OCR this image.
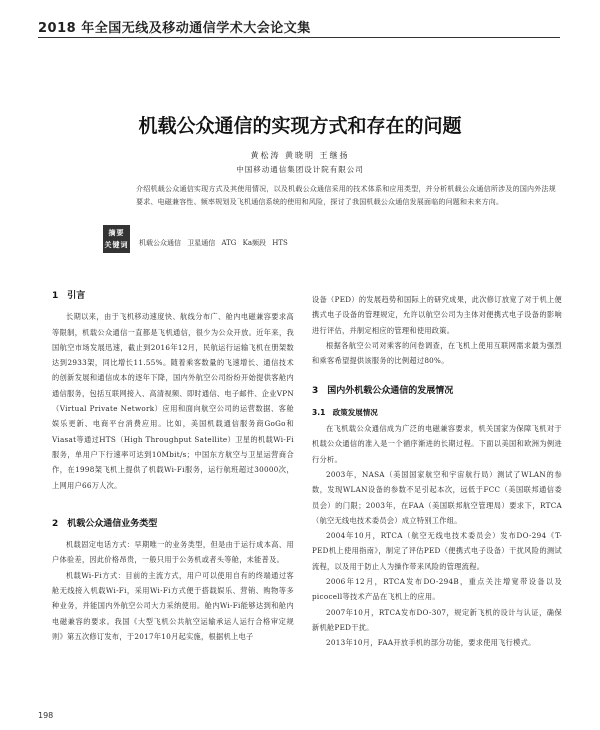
2018 年全国无线及移动通信学术大会论文集
机载公众通信的实现方式和存在的问题
黄松涛 黄晓明 王继扬
中国移动通信集团设计院有限公司
摘要
介绍机载公众通信实现方式及其使用情况，以及机载公众通信采用的技术体系和应用类型，并分析机载公众通信所涉及的国内外法规要求、电磁兼容性、频率规划及飞机通信系统的使用和风险，探讨了我国机载公众通信发展面临的问题和未来方向。
关键词 机载公众通信 卫星通信 ATG Ka频段 HTS
1　引言

长期以来，由于飞机移动速度快、航线分布广、舱内电磁兼容要求高等限制，机载公众通信一直都是飞机通信，很少为公众开放。近年来，我国航空市场发展迅速，截止到2016年12月，民航运行运输飞机在册架数达到2933架，同比增长11.55%。随着乘客数量的飞速增长、通信技术的创新发展和通信成本的逐年下降，国内外航空公司纷纷开始提供客舱内通信服务，包括互联网接入、高清视频、即时通信、电子邮件、企业VPN（Virtual Private Network）应用和面向航空公司的运营数据、客舱娱乐更新、电商平台消费应用。比如，美国机载通信服务商GoGo和Viasat等通过HTS（High Throughput Satellite）卫星的机载Wi-Fi服务，单用户下行速率可达到10Mbit/s；中国东方航空与卫星运营商合作，在1998架飞机上提供了机载Wi-Fi服务，运行航班超过30000次，上网用户66万人次。

2　机载公众通信业务类型

机载固定电话方式：早期唯一的业务类型，但是由于运行成本高、用户体验差，因此价格昂贵，一般只用于公务机或者头等舱，未能普及。

机载Wi-Fi方式：目前的主流方式，用户可以使用自有的终端通过客舱无线接入机载Wi-Fi，采用Wi-Fi方式便于搭载娱乐、营销、购物等多种业务，并能国内外航空公司大力采纳使用。舱内Wi-Fi能够达到和舱内电磁兼容的要求。我国《大型飞机公共航空运输承运人运行合格审定规则》第五次修订发布，于2017年10月起实施，根据机上电子

设备（PED）的发展趋势和国际上的研究成果，此次修订放宽了对于机上便携式电子设备的管理规定，允许以航空公司为主体对便携式电子设备的影响进行评估，并制定相应的管理和使用政策。

根据各航空公司对乘客的问卷调查，在飞机上使用互联网需求最为强烈和乘客希望提供该服务的比例超过80%。

3　国内外机载公众通信的发展情况
3.1　政策发展情况

在飞机载公众通信成为广泛的电磁兼容要求，机关国家为保障飞机对于机载公众通信的准入是一个循序渐进的长期过程。下面以美国和欧洲为例进行分析。

2003年，NASA（美国国家航空和宇宙航行局）测试了WLAN的参数，发现WLAN设备的参数不足引起本次，远低于FCC（美国联邦通信委员会）的门限；2003年，在FAA（美国联邦航空管理局）要求下，RTCA（航空无线电技术委员会）成立特别工作组。

2004年10月，RTCA（航空无线电技术委员会）发布DO-294《T-PED机上使用指南》，制定了评估PED（便携式电子设备）干扰风险的测试流程，以及用于防止人为操作带来风险的管理流程。

2006年12月，RTCA发布DO-294B，重点关注增宽带设备以及picocell等技术产品在飞机上的应用。

2007年10月，RTCA发布DO-307，规定新飞机的设计与认证，确保新机舱PED干扰。

2013年10月，FAA开放手机的部分功能，要求使用飞行模式。

198
